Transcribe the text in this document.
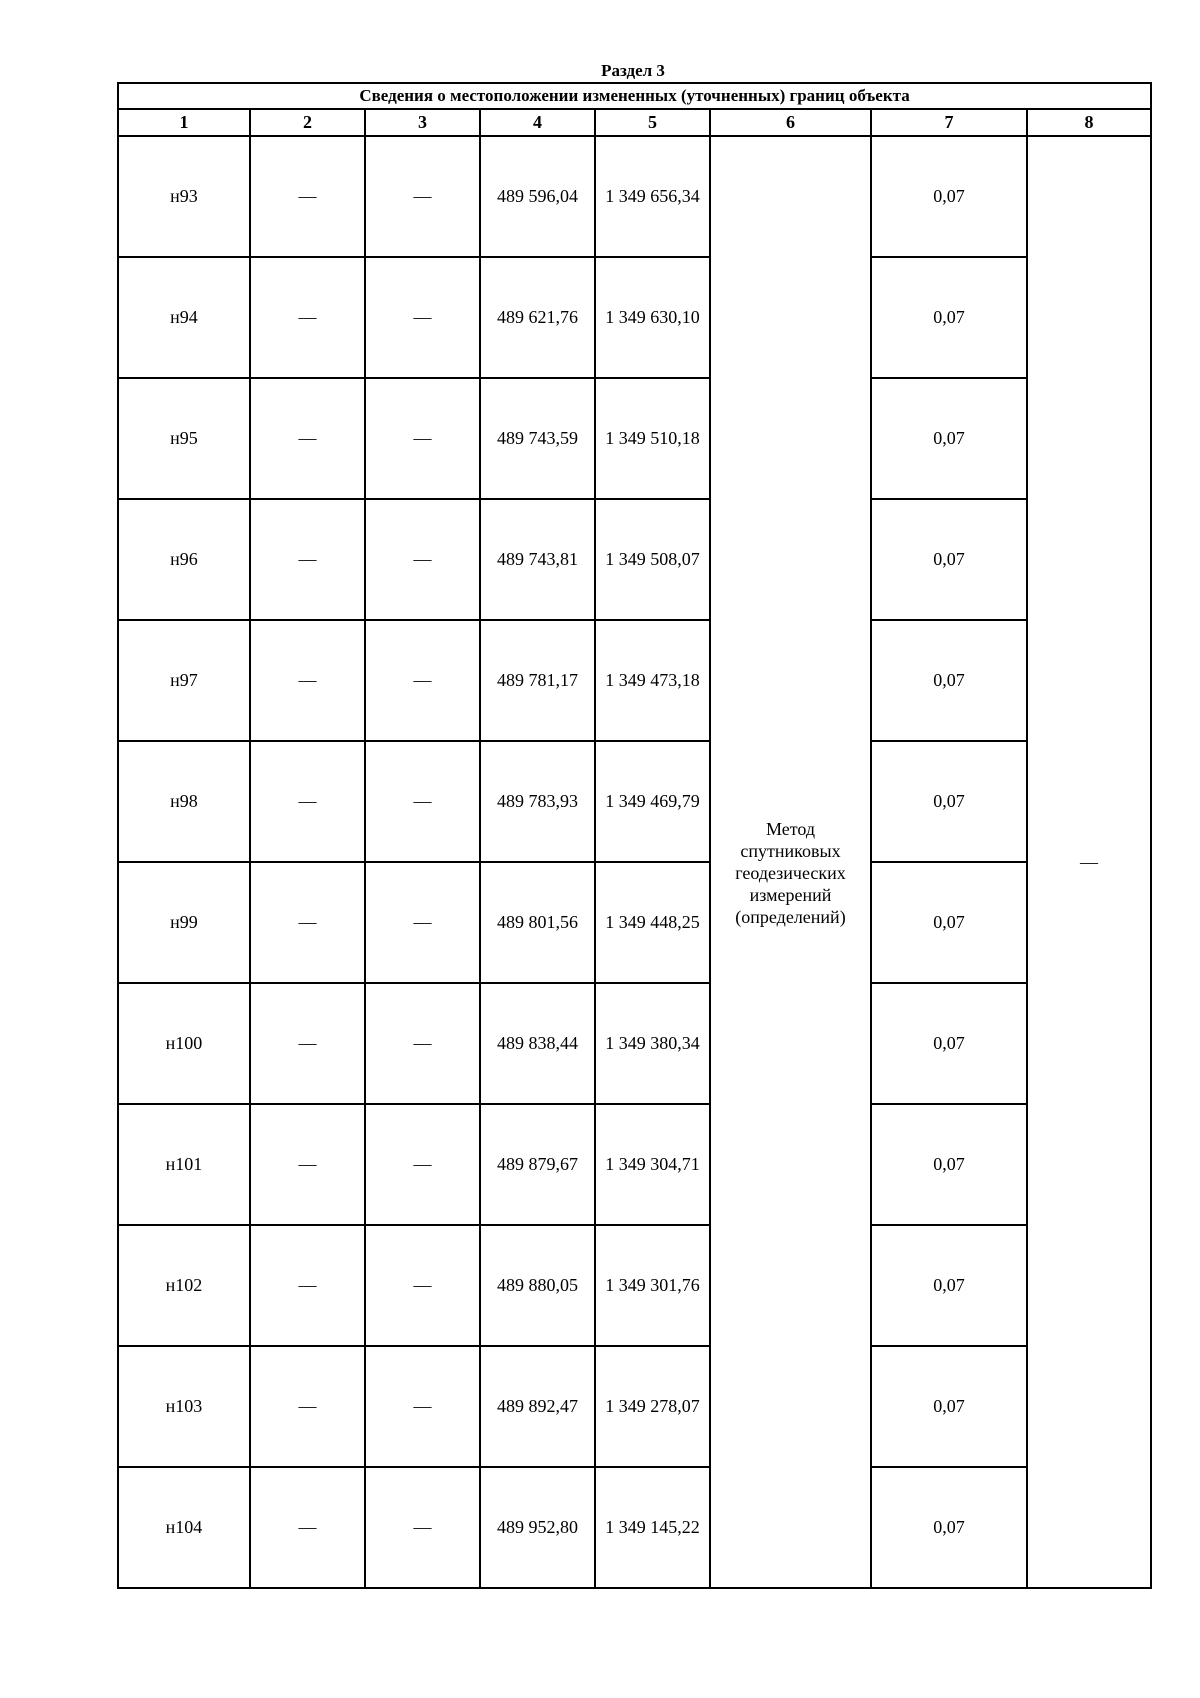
Раздел 3
Сведения о местоположении измененных (уточненных) границ объекта							
1	2	3	4	5	6	7	8
н93	—	—	489 596,04	1 349 656,34	Метод
спутниковых
геодезических
измерений
(определений)	0,07	—
н94	—	—	489 621,76	1 349 630,10		0,07	
н95	—	—	489 743,59	1 349 510,18		0,07	
н96	—	—	489 743,81	1 349 508,07		0,07	
н97	—	—	489 781,17	1 349 473,18		0,07	
н98	—	—	489 783,93	1 349 469,79		0,07	
н99	—	—	489 801,56	1 349 448,25		0,07	
н100	—	—	489 838,44	1 349 380,34		0,07	
н101	—	—	489 879,67	1 349 304,71		0,07	
н102	—	—	489 880,05	1 349 301,76		0,07	
н103	—	—	489 892,47	1 349 278,07		0,07	
н104	—	—	489 952,80	1 349 145,22		0,07	
